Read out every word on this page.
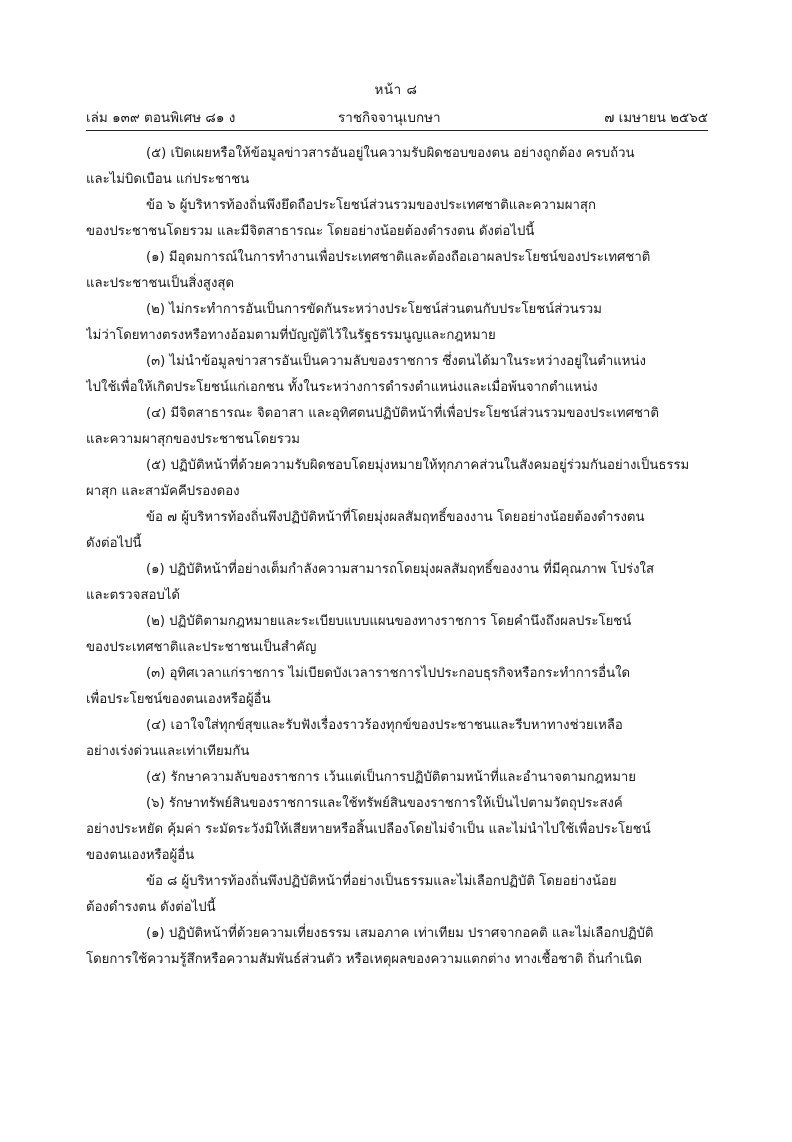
หน้า ๘
เล่ม ๑๓๙ ตอนพิเศษ ๘๑ ง	ราชกิจจานุเบกษา	๗ เมษายน ๒๕๖๕
(๕) เปิดเผยหรือให้ข้อมูลข่าวสารอันอยู่ในความรับผิดชอบของตน อย่างถูกต้อง ครบถ้วน
และไม่บิดเบือน แก่ประชาชน
ข้อ ๖ ผู้บริหารท้องถิ่นพึงยึดถือประโยชน์ส่วนรวมของประเทศชาติและความผาสุก
ของประชาชนโดยรวม และมีจิตสาธารณะ โดยอย่างน้อยต้องดำรงตน ดังต่อไปนี้
(๑) มีอุดมการณ์ในการทำงานเพื่อประเทศชาติและต้องถือเอาผลประโยชน์ของประเทศชาติ
และประชาชนเป็นสิ่งสูงสุด
(๒) ไม่กระทำการอันเป็นการขัดกันระหว่างประโยชน์ส่วนตนกับประโยชน์ส่วนรวม
ไม่ว่าโดยทางตรงหรือทางอ้อมตามที่บัญญัติไว้ในรัฐธรรมนูญและกฎหมาย
(๓) ไม่นำข้อมูลข่าวสารอันเป็นความลับของราชการ ซึ่งตนได้มาในระหว่างอยู่ในตำแหน่ง
ไปใช้เพื่อให้เกิดประโยชน์แก่เอกชน ทั้งในระหว่างการดำรงตำแหน่งและเมื่อพ้นจากตำแหน่ง
(๔) มีจิตสาธารณะ จิตอาสา และอุทิศตนปฏิบัติหน้าที่เพื่อประโยชน์ส่วนรวมของประเทศชาติ
และความผาสุกของประชาชนโดยรวม
(๕) ปฏิบัติหน้าที่ด้วยความรับผิดชอบโดยมุ่งหมายให้ทุกภาคส่วนในสังคมอยู่ร่วมกันอย่างเป็นธรรม
ผาสุก และสามัคคีปรองดอง
ข้อ ๗ ผู้บริหารท้องถิ่นพึงปฏิบัติหน้าที่โดยมุ่งผลสัมฤทธิ์ของงาน โดยอย่างน้อยต้องดำรงตน
ดังต่อไปนี้
(๑) ปฏิบัติหน้าที่อย่างเต็มกำลังความสามารถโดยมุ่งผลสัมฤทธิ์ของงาน ที่มีคุณภาพ โปร่งใส
และตรวจสอบได้
(๒) ปฏิบัติตามกฎหมายและระเบียบแบบแผนของทางราชการ โดยคำนึงถึงผลประโยชน์
ของประเทศชาติและประชาชนเป็นสำคัญ
(๓) อุทิศเวลาแก่ราชการ ไม่เบียดบังเวลาราชการไปประกอบธุรกิจหรือกระทำการอื่นใด
เพื่อประโยชน์ของตนเองหรือผู้อื่น
(๔) เอาใจใส่ทุกข์สุขและรับฟังเรื่องราวร้องทุกข์ของประชาชนและรีบหาทางช่วยเหลือ
อย่างเร่งด่วนและเท่าเทียมกัน
(๕) รักษาความลับของราชการ เว้นแต่เป็นการปฏิบัติตามหน้าที่และอำนาจตามกฎหมาย
(๖) รักษาทรัพย์สินของราชการและใช้ทรัพย์สินของราชการให้เป็นไปตามวัตถุประสงค์
อย่างประหยัด คุ้มค่า ระมัดระวังมิให้เสียหายหรือสิ้นเปลืองโดยไม่จำเป็น และไม่นำไปใช้เพื่อประโยชน์
ของตนเองหรือผู้อื่น
ข้อ ๘ ผู้บริหารท้องถิ่นพึงปฏิบัติหน้าที่อย่างเป็นธรรมและไม่เลือกปฏิบัติ โดยอย่างน้อย
ต้องดำรงตน ดังต่อไปนี้
(๑) ปฏิบัติหน้าที่ด้วยความเที่ยงธรรม เสมอภาค เท่าเทียม ปราศจากอคติ และไม่เลือกปฏิบัติ
โดยการใช้ความรู้สึกหรือความสัมพันธ์ส่วนตัว หรือเหตุผลของความแตกต่าง ทางเชื้อชาติ ถิ่นกำเนิด
